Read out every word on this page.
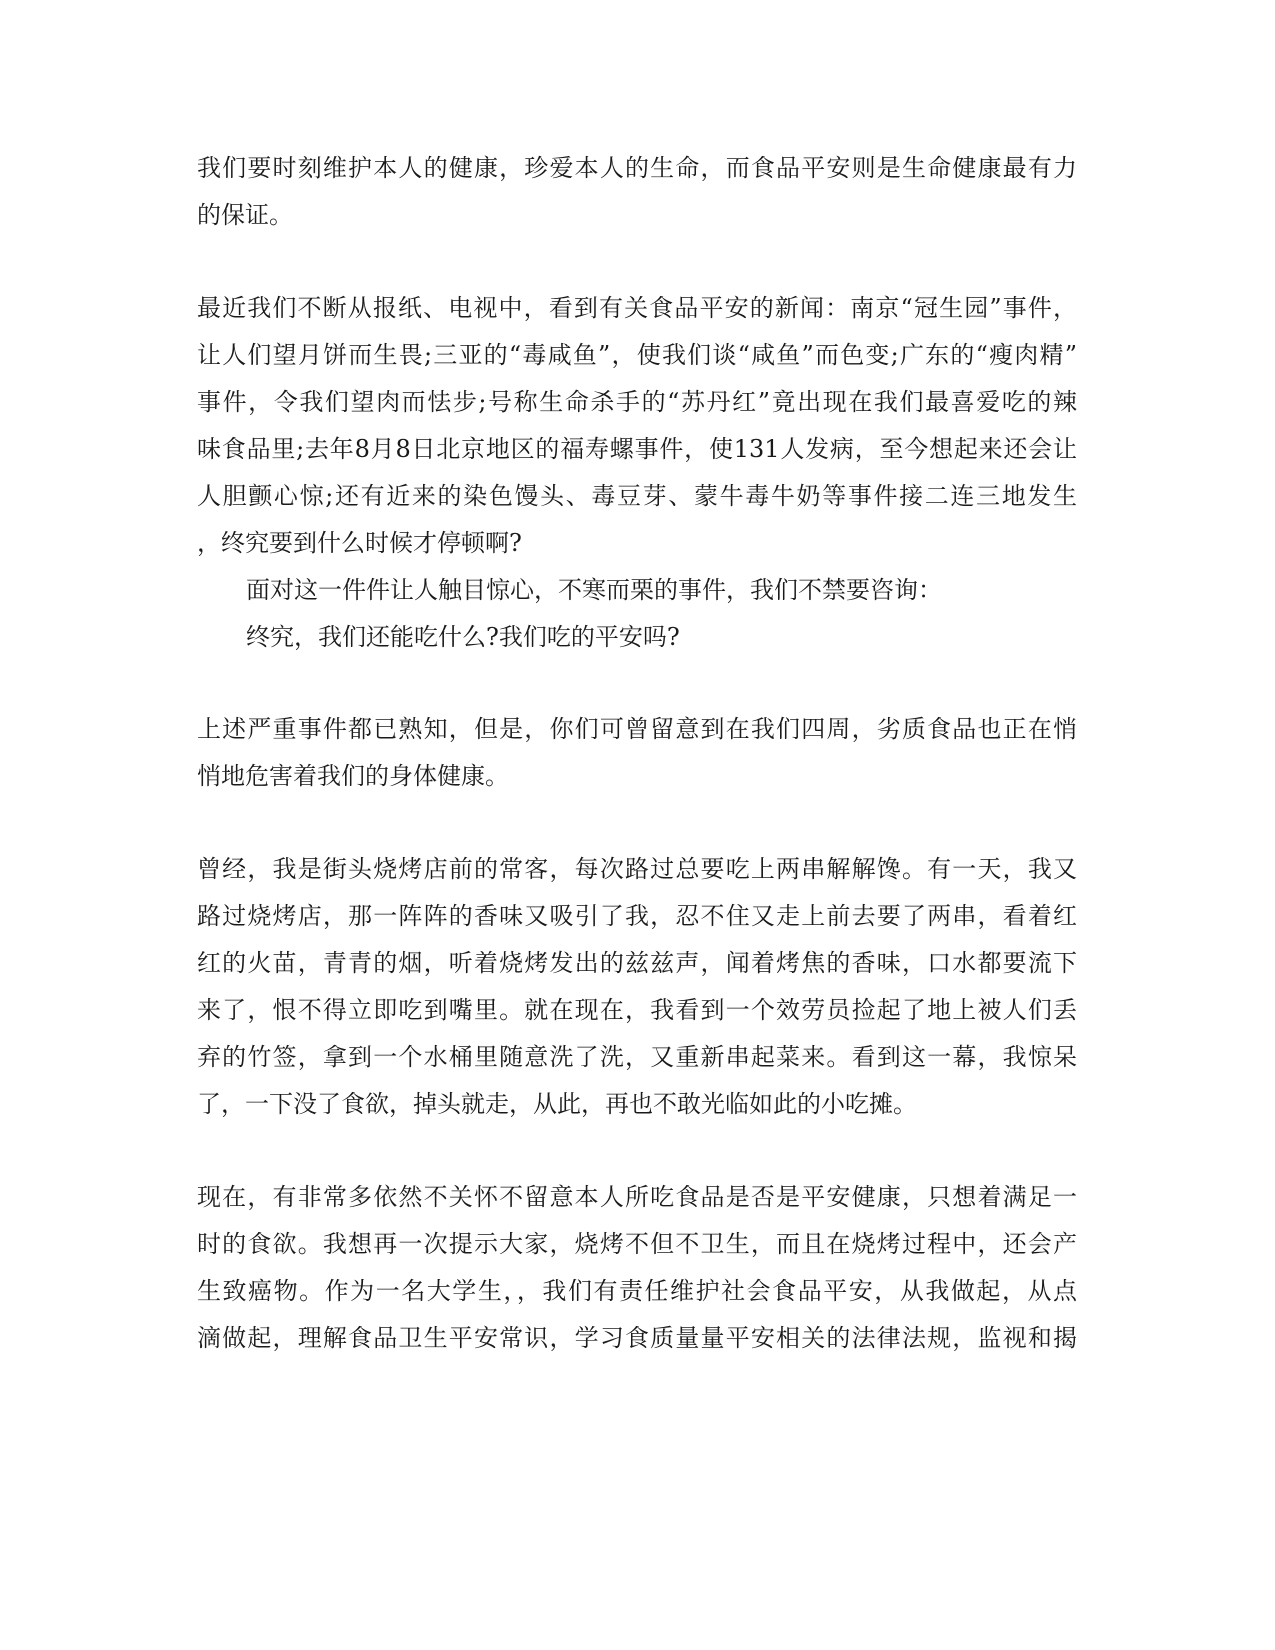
我们要时刻维护本人的健康，珍爱本人的生命，而食品平安则是生命健康最有力
的保证。
最近我们不断从报纸、电视中，看到有关食品平安的新闻：南京“冠生园”事件，
让人们望月饼而生畏;三亚的“毒咸鱼”，使我们谈“咸鱼”而色变;广东的“瘦肉精”
事件，令我们望肉而怯步;号称生命杀手的“苏丹红”竟出现在我们最喜爱吃的辣
味食品里;去年8月8日北京地区的福寿螺事件，使131人发病，至今想起来还会让
人胆颤心惊;还有近来的染色馒头、毒豆芽、蒙牛毒牛奶等事件接二连三地发生
，终究要到什么时候才停顿啊?
面对这一件件让人触目惊心，不寒而栗的事件，我们不禁要咨询：
终究，我们还能吃什么?我们吃的平安吗?
上述严重事件都已熟知，但是，你们可曾留意到在我们四周，劣质食品也正在悄
悄地危害着我们的身体健康。
曾经，我是街头烧烤店前的常客，每次路过总要吃上两串解解馋。有一天，我又
路过烧烤店，那一阵阵的香味又吸引了我，忍不住又走上前去要了两串，看着红
红的火苗，青青的烟，听着烧烤发出的兹兹声，闻着烤焦的香味，口水都要流下
来了，恨不得立即吃到嘴里。就在现在，我看到一个效劳员捡起了地上被人们丢
弃的竹签，拿到一个水桶里随意洗了洗，又重新串起菜来。看到这一幕，我惊呆
了，一下没了食欲，掉头就走，从此，再也不敢光临如此的小吃摊。
现在，有非常多依然不关怀不留意本人所吃食品是否是平安健康，只想着满足一
时的食欲。我想再一次提示大家，烧烤不但不卫生，而且在烧烤过程中，还会产
生致癌物。作为一名大学生，，我们有责任维护社会食品平安，从我做起，从点
滴做起，理解食品卫生平安常识，学习食质量量平安相关的法律法规，监视和揭
